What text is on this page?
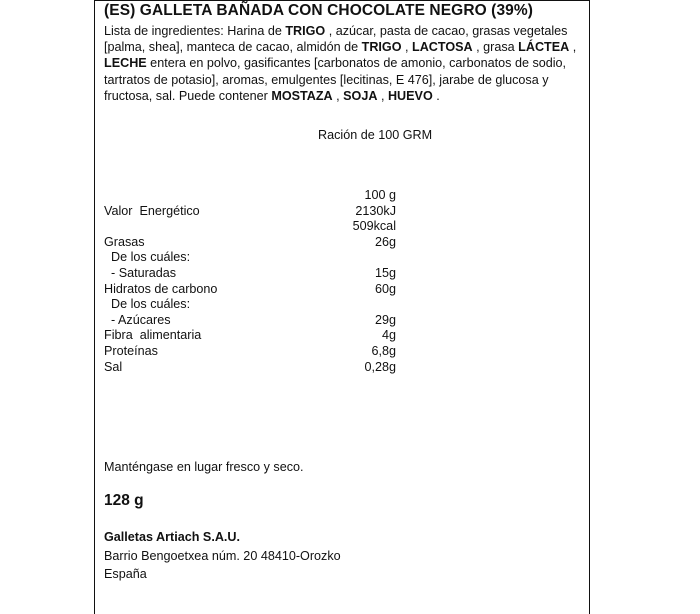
(ES) GALLETA BAÑADA CON CHOCOLATE NEGRO (39%)
Lista de ingredientes: Harina de TRIGO , azúcar, pasta de cacao, grasas vegetales [palma, shea], manteca de cacao, almidón de TRIGO , LACTOSA , grasa LÁCTEA , LECHE entera en polvo, gasificantes [carbonatos de amonio, carbonatos de sodio, tartratos de potasio], aromas, emulgentes [lecitinas, E 476], jarabe de glucosa y fructosa, sal. Puede contener MOSTAZA , SOJA , HUEVO .
Ración de 100 GRM
100 g
Valor  Energético	2130kJ
509kcal
Grasas	26g
De los cuáles:
- Saturadas	15g
Hidratos de carbono	60g
De los cuáles:
- Azúcares	29g
Fibra  alimentaria	4g
Proteínas	6,8g
Sal	0,28g
Manténgase en lugar fresco y seco.
128 g
Galletas Artiach S.A.U.
Barrio Bengoetxea núm. 20 48410-Orozko
España
